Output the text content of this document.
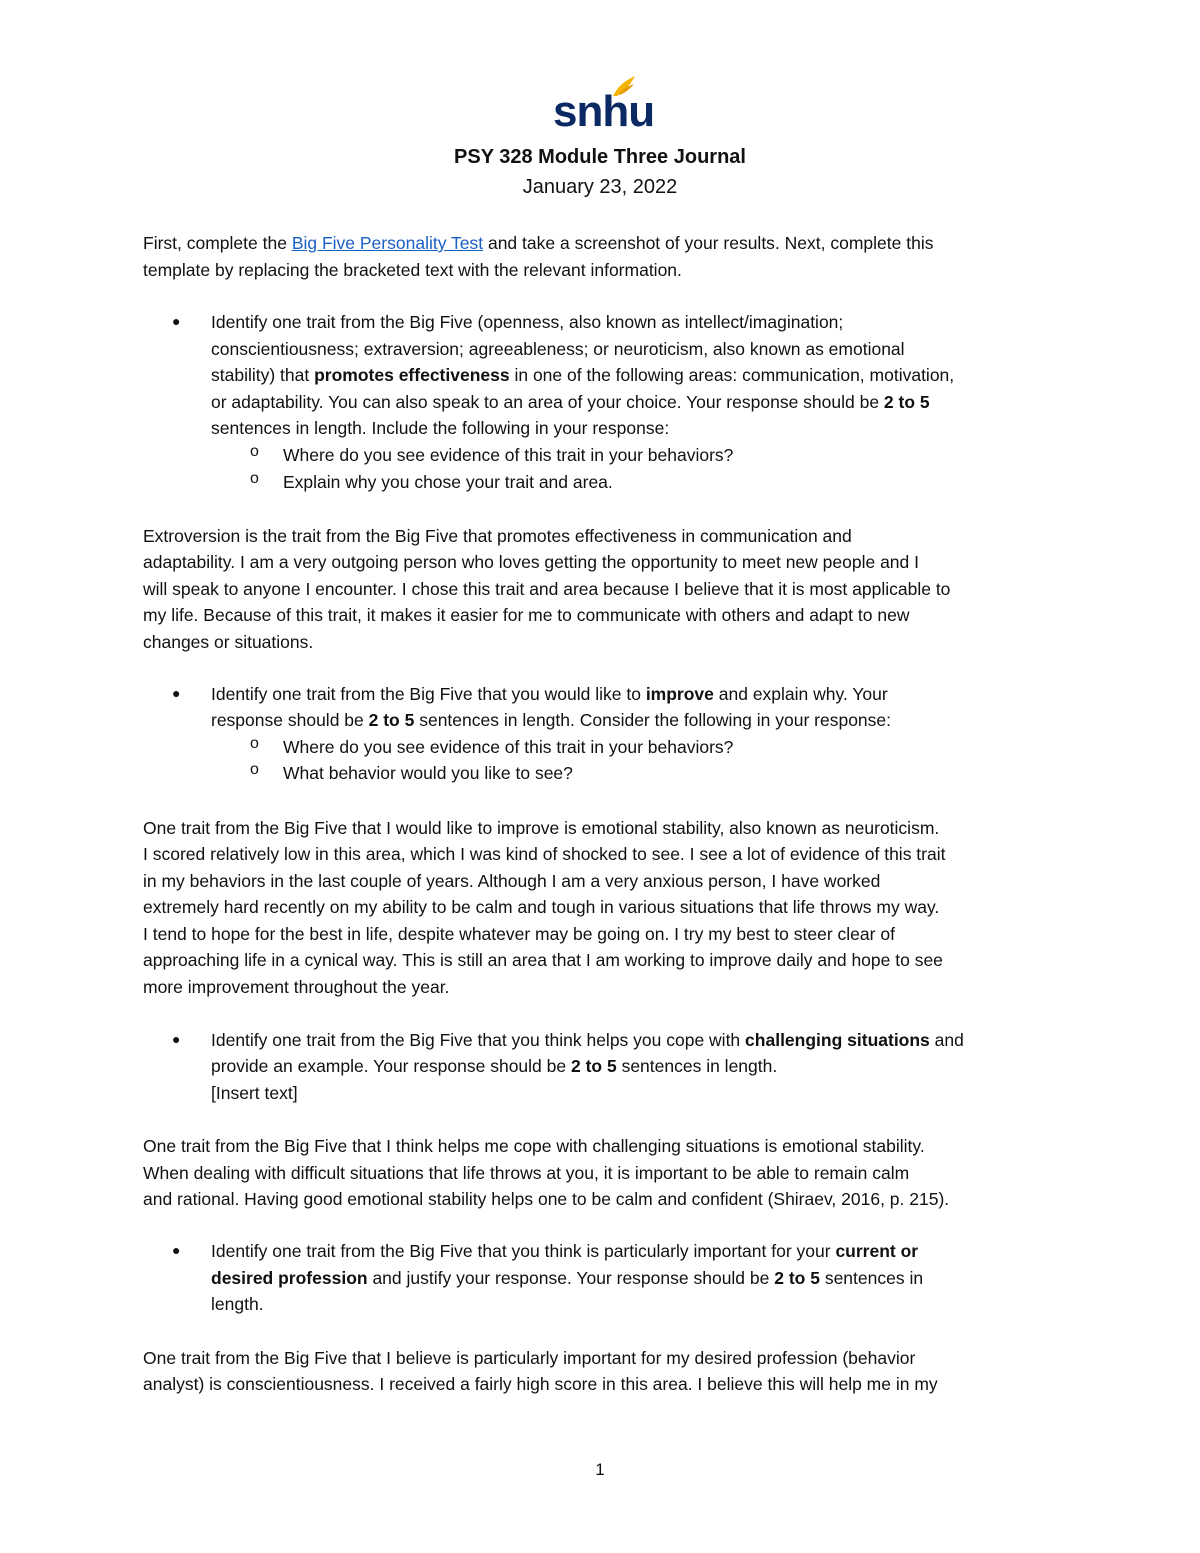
snhu
PSY 328 Module Three Journal
January 23, 2022
First, complete the Big Five Personality Test and take a screenshot of your results. Next, complete this
template by replacing the bracketed text with the relevant information.
● Identify one trait from the Big Five (openness, also known as intellect/imagination;
conscientiousness; extraversion; agreeableness; or neuroticism, also known as emotional
stability) that promotes effectiveness in one of the following areas: communication, motivation,
or adaptability. You can also speak to an area of your choice. Your response should be 2 to 5
sentences in length. Include the following in your response:
o Where do you see evidence of this trait in your behaviors?
o Explain why you chose your trait and area.
Extroversion is the trait from the Big Five that promotes effectiveness in communication and
adaptability. I am a very outgoing person who loves getting the opportunity to meet new people and I
will speak to anyone I encounter. I chose this trait and area because I believe that it is most applicable to
my life. Because of this trait, it makes it easier for me to communicate with others and adapt to new
changes or situations.
● Identify one trait from the Big Five that you would like to improve and explain why. Your
response should be 2 to 5 sentences in length. Consider the following in your response:
o Where do you see evidence of this trait in your behaviors?
o What behavior would you like to see?
One trait from the Big Five that I would like to improve is emotional stability, also known as neuroticism.
I scored relatively low in this area, which I was kind of shocked to see. I see a lot of evidence of this trait
in my behaviors in the last couple of years. Although I am a very anxious person, I have worked
extremely hard recently on my ability to be calm and tough in various situations that life throws my way.
I tend to hope for the best in life, despite whatever may be going on. I try my best to steer clear of
approaching life in a cynical way. This is still an area that I am working to improve daily and hope to see
more improvement throughout the year.
● Identify one trait from the Big Five that you think helps you cope with challenging situations and
provide an example. Your response should be 2 to 5 sentences in length.
[Insert text]
One trait from the Big Five that I think helps me cope with challenging situations is emotional stability.
When dealing with difficult situations that life throws at you, it is important to be able to remain calm
and rational. Having good emotional stability helps one to be calm and confident (Shiraev, 2016, p. 215).
● Identify one trait from the Big Five that you think is particularly important for your current or
desired profession and justify your response. Your response should be 2 to 5 sentences in
length.
One trait from the Big Five that I believe is particularly important for my desired profession (behavior
analyst) is conscientiousness. I received a fairly high score in this area. I believe this will help me in my
1
